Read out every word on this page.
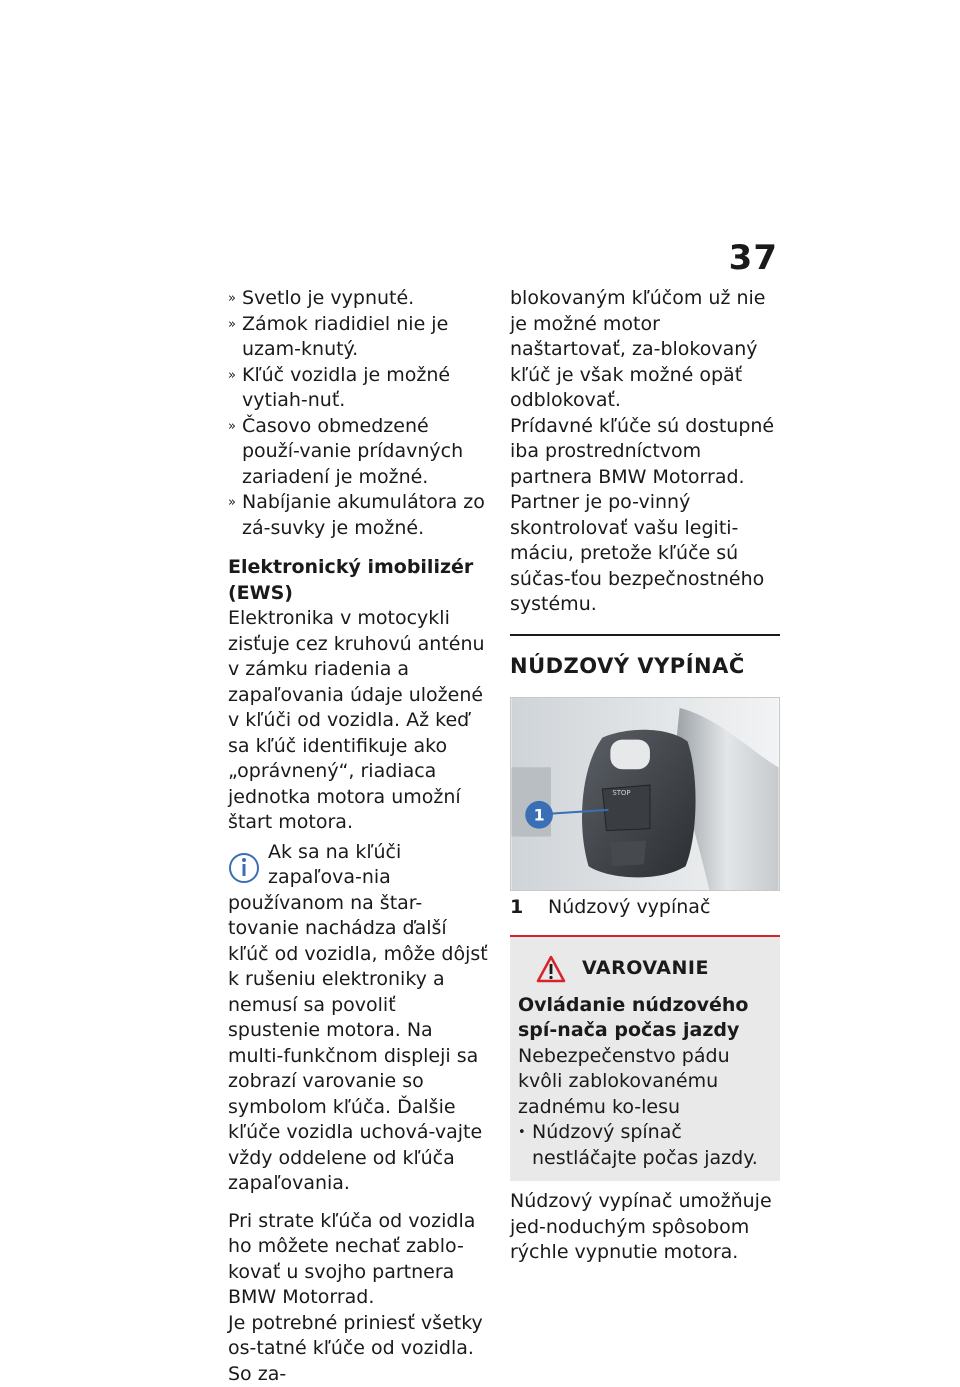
37
» Svetlo je vypnuté.
» Zámok riadidiel nie je uzam-knutý.
» Kľúč vozidla je možné vytiah-nuť.
» Časovo obmedzené použí-vanie prídavných zariadení je možné.
» Nabíjanie akumulátora zo zá-suvky je možné.

Elektronický imobilizér (EWS)

Elektronika v motocykli zisťuje cez kruhovú anténu v zámku riadenia a zapaľovania údaje uložené v kľúči od vozidla. Až keď sa kľúč identifikuje ako „oprávnený“, riadiaca jednotka motora umožní štart motora.

Ak sa na kľúči zapaľova-nia používanom na štar-tovanie nachádza ďalší kľúč od vozidla, môže dôjsť k rušeniu elektroniky a nemusí sa povoliť spustenie motora. Na multi-funkčnom displeji sa zobrazí varovanie so symbolom kľúča. Ďalšie kľúče vozidla uchová-vajte vždy oddelene od kľúča zapaľovania.

Pri strate kľúča od vozidla ho môžete nechať zablo-kovať u svojho partnera BMW Motorrad.

Je potrebné priniesť všetky os-tatné kľúče od vozidla. So za-

blokovaným kľúčom už nie je možné motor naštartovať, za-blokovaný kľúč je však možné opäť odblokovať.

Prídavné kľúče sú dostupné iba prostredníctvom partnera BMW Motorrad. Partner je po-vinný skontrolovať vašu legiti-máciu, pretože kľúče sú súčas-ťou bezpečnostného systému.

NÚDZOVÝ VYPÍNAČ

STOP
1
1	Núdzový vypínač
VAROVANIE

Ovládanie núdzového spí-nača počas jazdy

Nebezpečenstvo pádu kvôli zablokovanému zadnému ko-lesu

• Núdzový spínač nestláčajte počas jazdy.

Núdzový vypínač umožňuje jed-noduchým spôsobom rýchle vypnutie motora.
